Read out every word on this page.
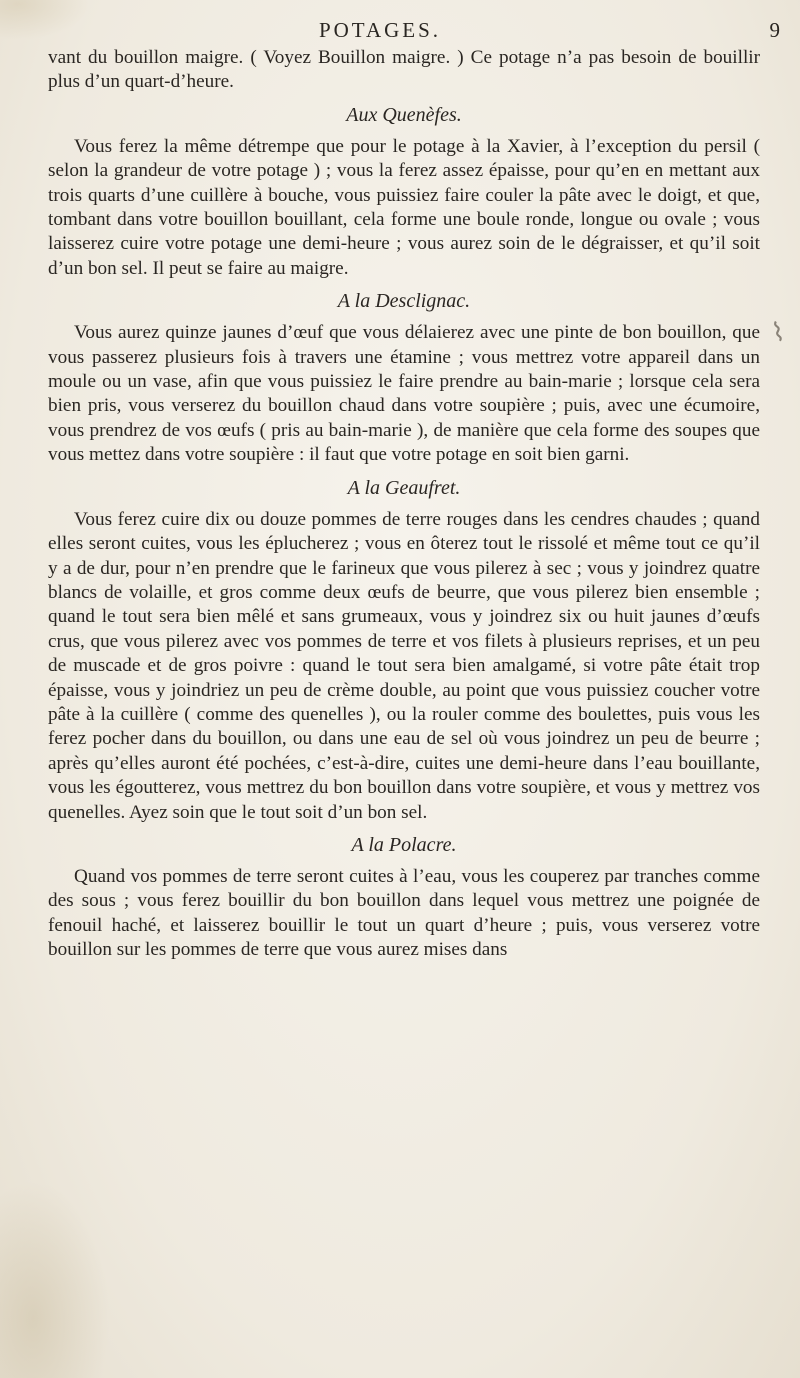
POTAGES.	9

vant du bouillon maigre. ( Voyez Bouillon maigre. ) Ce potage n’a pas besoin de bouillir plus d’un quart-d’heure.

Aux Quenèfes.

Vous ferez la même détrempe que pour le potage à la Xavier, à l’exception du persil ( selon la grandeur de votre potage ) ; vous la ferez assez épaisse, pour qu’en en mettant aux trois quarts d’une cuillère à bouche, vous puissiez faire couler la pâte avec le doigt, et que, tombant dans votre bouillon bouillant, cela forme une boule ronde, longue ou ovale ; vous laisserez cuire votre potage une demi-heure ; vous aurez soin de le dégraisser, et qu’il soit d’un bon sel. Il peut se faire au maigre.

A la Desclignac.

Vous aurez quinze jaunes d’œuf que vous délaierez avec une pinte de bon bouillon, que vous passerez plusieurs fois à travers une étamine ; vous mettrez votre appareil dans un moule ou un vase, afin que vous puissiez le faire prendre au bain-marie ; lorsque cela sera bien pris, vous verserez du bouillon chaud dans votre soupière ; puis, avec une écumoire, vous prendrez de vos œufs ( pris au bain-marie ), de manière que cela forme des soupes que vous mettez dans votre soupière : il faut que votre potage en soit bien garni.

A la Geaufret.

Vous ferez cuire dix ou douze pommes de terre rouges dans les cendres chaudes ; quand elles seront cuites, vous les éplucherez ; vous en ôterez tout le rissolé et même tout ce qu’il y a de dur, pour n’en prendre que le farineux que vous pilerez à sec ; vous y joindrez quatre blancs de volaille, et gros comme deux œufs de beurre, que vous pilerez bien ensemble ; quand le tout sera bien mêlé et sans grumeaux, vous y joindrez six ou huit jaunes d’œufs crus, que vous pilerez avec vos pommes de terre et vos filets à plusieurs reprises, et un peu de muscade et de gros poivre : quand le tout sera bien amalgamé, si votre pâte était trop épaisse, vous y joindriez un peu de crème double, au point que vous puissiez coucher votre pâte à la cuillère ( comme des quenelles ), ou la rouler comme des boulettes, puis vous les ferez pocher dans du bouillon, ou dans une eau de sel où vous joindrez un peu de beurre ; après qu’elles auront été pochées, c’est-à-dire, cuites une demi-heure dans l’eau bouillante, vous les égoutterez, vous mettrez du bon bouillon dans votre soupière, et vous y mettrez vos quenelles. Ayez soin que le tout soit d’un bon sel.

A la Polacre.

Quand vos pommes de terre seront cuites à l’eau, vous les couperez par tranches comme des sous ; vous ferez bouillir du bon bouillon dans lequel vous mettrez une poignée de fenouil haché, et laisserez bouillir le tout un quart d’heure ; puis, vous verserez votre bouillon sur les pommes de terre que vous aurez mises dans

⌇
